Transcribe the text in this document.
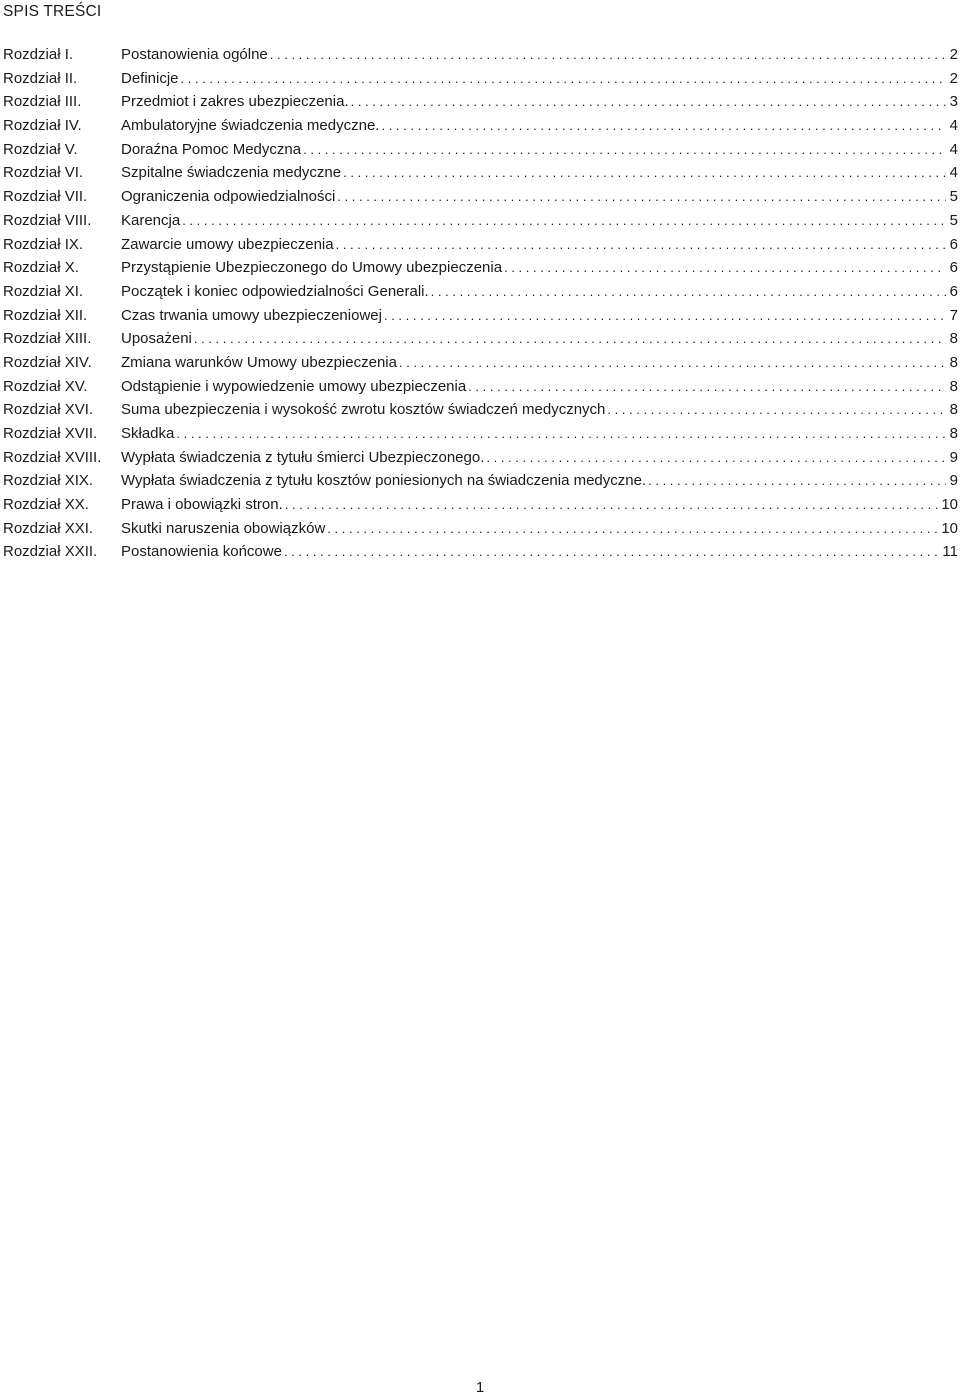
SPIS TREŚCI
Rozdział I.	Postanowienia ogólne . . .	2
Rozdział II.	Definicje . . .	2
Rozdział III.	Przedmiot i zakres ubezpieczenia. . . .	3
Rozdział IV.	Ambulatoryjne świadczenia medyczne. . . .	4
Rozdział V.	Doraźna Pomoc Medyczna . . .	4
Rozdział VI.	Szpitalne świadczenia medyczne . . .	4
Rozdział VII.	Ograniczenia odpowiedzialności . . .	5
Rozdział VIII.	Karencja . . .	5
Rozdział IX.	Zawarcie umowy ubezpieczenia . . .	6
Rozdział X.	Przystąpienie Ubezpieczonego do Umowy ubezpieczenia . . .	6
Rozdział XI.	Początek i koniec odpowiedzialności Generali. . . .	6
Rozdział XII.	Czas trwania umowy ubezpieczeniowej . . .	7
Rozdział XIII.	Uposażeni . . .	8
Rozdział XIV.	Zmiana warunków Umowy ubezpieczenia . . .	8
Rozdział XV.	Odstąpienie i wypowiedzenie umowy ubezpieczenia . . .	8
Rozdział XVI.	Suma ubezpieczenia i wysokość zwrotu kosztów świadczeń medycznych . . .	8
Rozdział XVII.	Składka . . .	8
Rozdział XVIII.	Wypłata świadczenia z tytułu śmierci Ubezpieczonego. . . .	9
Rozdział XIX.	Wypłata świadczenia z tytułu kosztów poniesionych na świadczenia medyczne. . . .	9
Rozdział XX.	Prawa i obowiązki stron. . . .	10
Rozdział XXI.	Skutki naruszenia obowiązków . . .	10
Rozdział XXII.	Postanowienia końcowe . . .	11
1
